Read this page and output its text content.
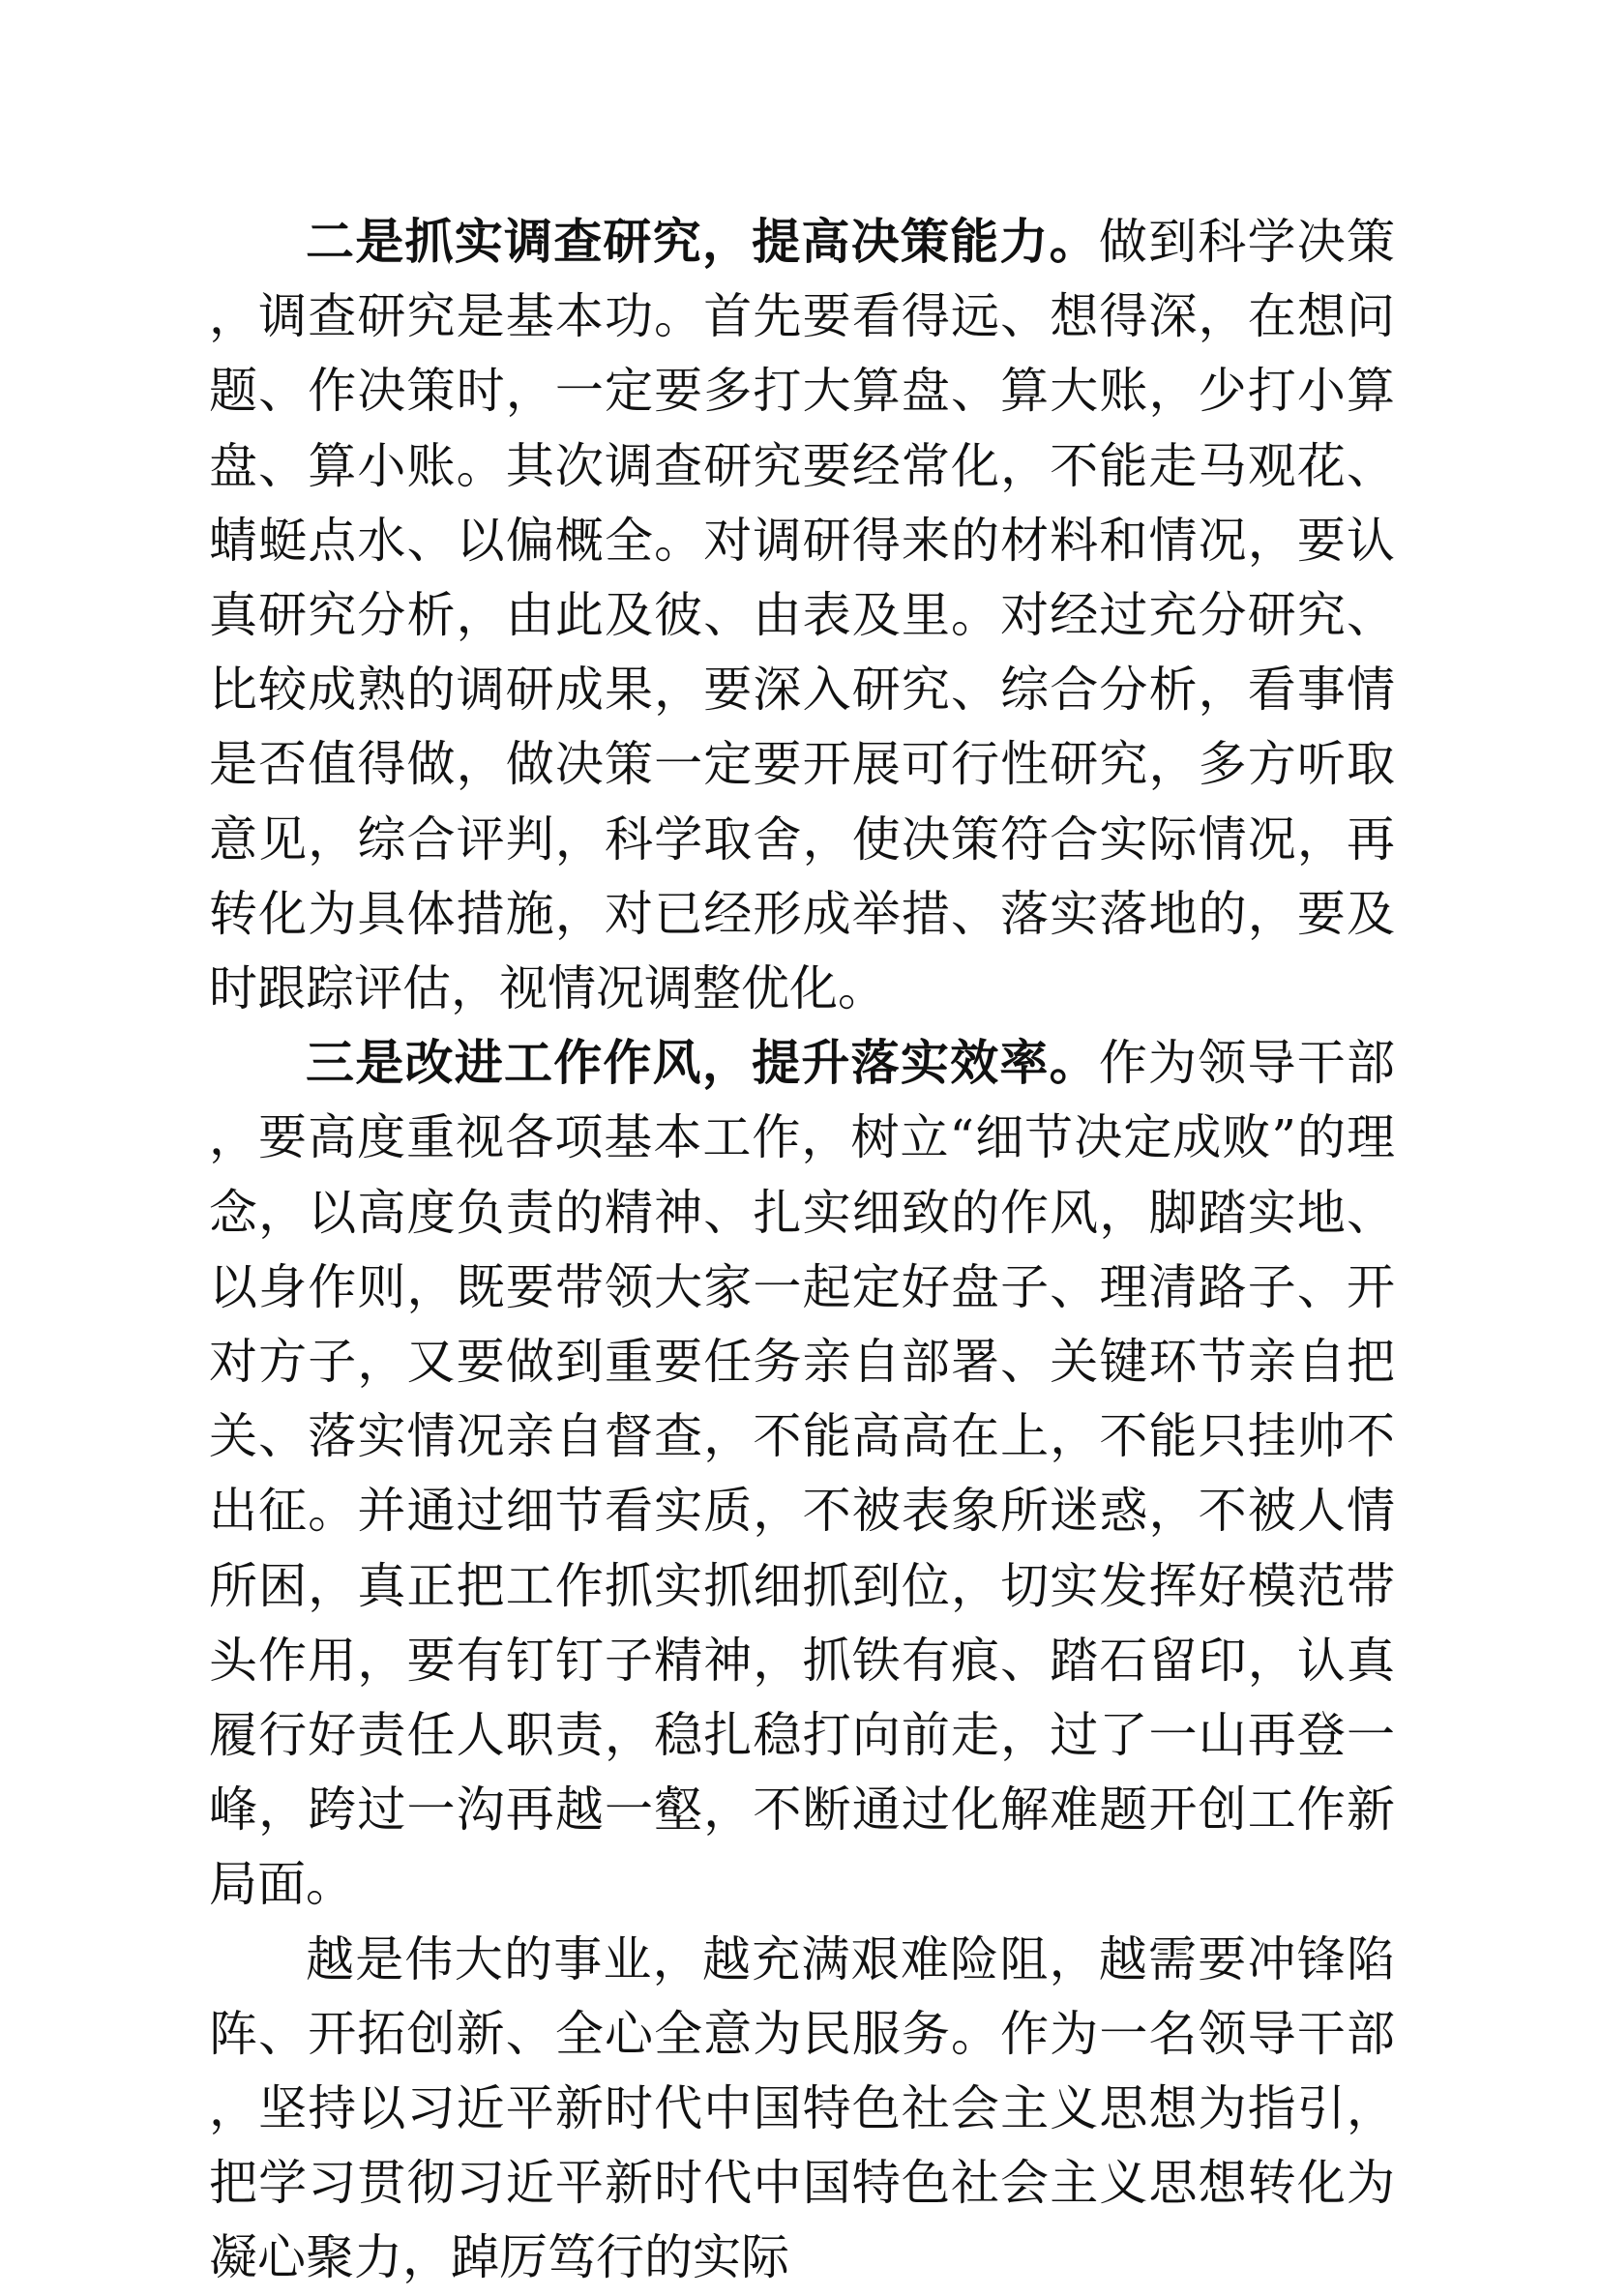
二是抓实调查研究，提高决策能力。做到科学决策，调查研究是基本功。首先要看得远、想得深，在想问题、作决策时，一定要多打大算盘、算大账，少打小算盘、算小账。其次调查研究要经常化，不能走马观花、蜻蜓点水、以偏概全。对调研得来的材料和情况，要认真研究分析，由此及彼、由表及里。对经过充分研究、比较成熟的调研成果，要深入研究、综合分析，看事情是否值得做，做决策一定要开展可行性研究，多方听取意见，综合评判，科学取舍，使决策符合实际情况，再转化为具体措施，对已经形成举措、落实落地的，要及时跟踪评估，视情况调整优化。

三是改进工作作风，提升落实效率。作为领导干部，要高度重视各项基本工作，树立“细节决定成败”的理念，以高度负责的精神、扎实细致的作风，脚踏实地、以身作则，既要带领大家一起定好盘子、理清路子、开对方子，又要做到重要任务亲自部署、关键环节亲自把关、落实情况亲自督查，不能高高在上，不能只挂帅不出征。并通过细节看实质，不被表象所迷惑，不被人情所困，真正把工作抓实抓细抓到位，切实发挥好模范带头作用，要有钉钉子精神，抓铁有痕、踏石留印，认真履行好责任人职责，稳扎稳打向前走，过了一山再登一峰，跨过一沟再越一壑，不断通过化解难题开创工作新局面。

越是伟大的事业，越充满艰难险阻，越需要冲锋陷阵、开拓创新、全心全意为民服务。作为一名领导干部，坚持以习近平新时代中国特色社会主义思想为指引，把学习贯彻习近平新时代中国特色社会主义思想转化为凝心聚力，踔厉笃行的实际
